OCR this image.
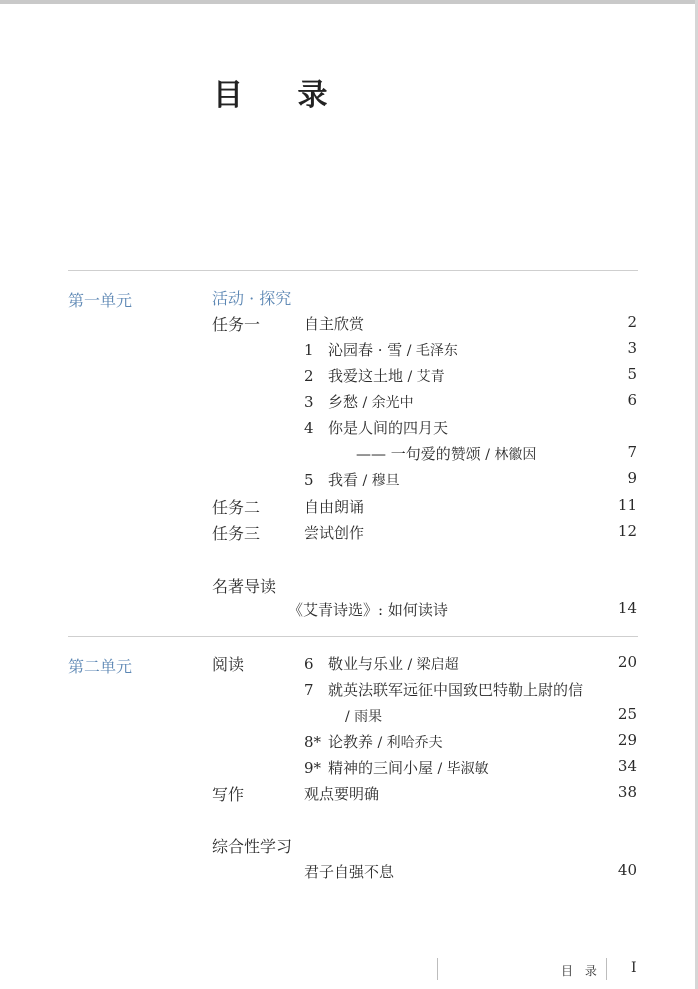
目 录
第一单元	活动 · 探究
任务一	自主欣赏	2
1 沁园春 · 雪 / 毛泽东	3
2 我爱这土地 / 艾青	5
3 乡愁 / 余光中	6
4 你是人间的四月天
—— 一句爱的赞颂 / 林徽因	7
5 我看 / 穆旦	9
任务二	自由朗诵	11
任务三	尝试创作	12
名著导读
《艾青诗选》: 如何读诗	14
第二单元	阅读	6 敬业与乐业 / 梁启超	20
7 就英法联军远征中国致巴特勒上尉的信
/ 雨果	25
8* 论教养 / 利哈乔夫	29
9* 精神的三间小屋 / 毕淑敏	34
写作	观点要明确	38
综合性学习
君子自强不息	40
目 录 I
